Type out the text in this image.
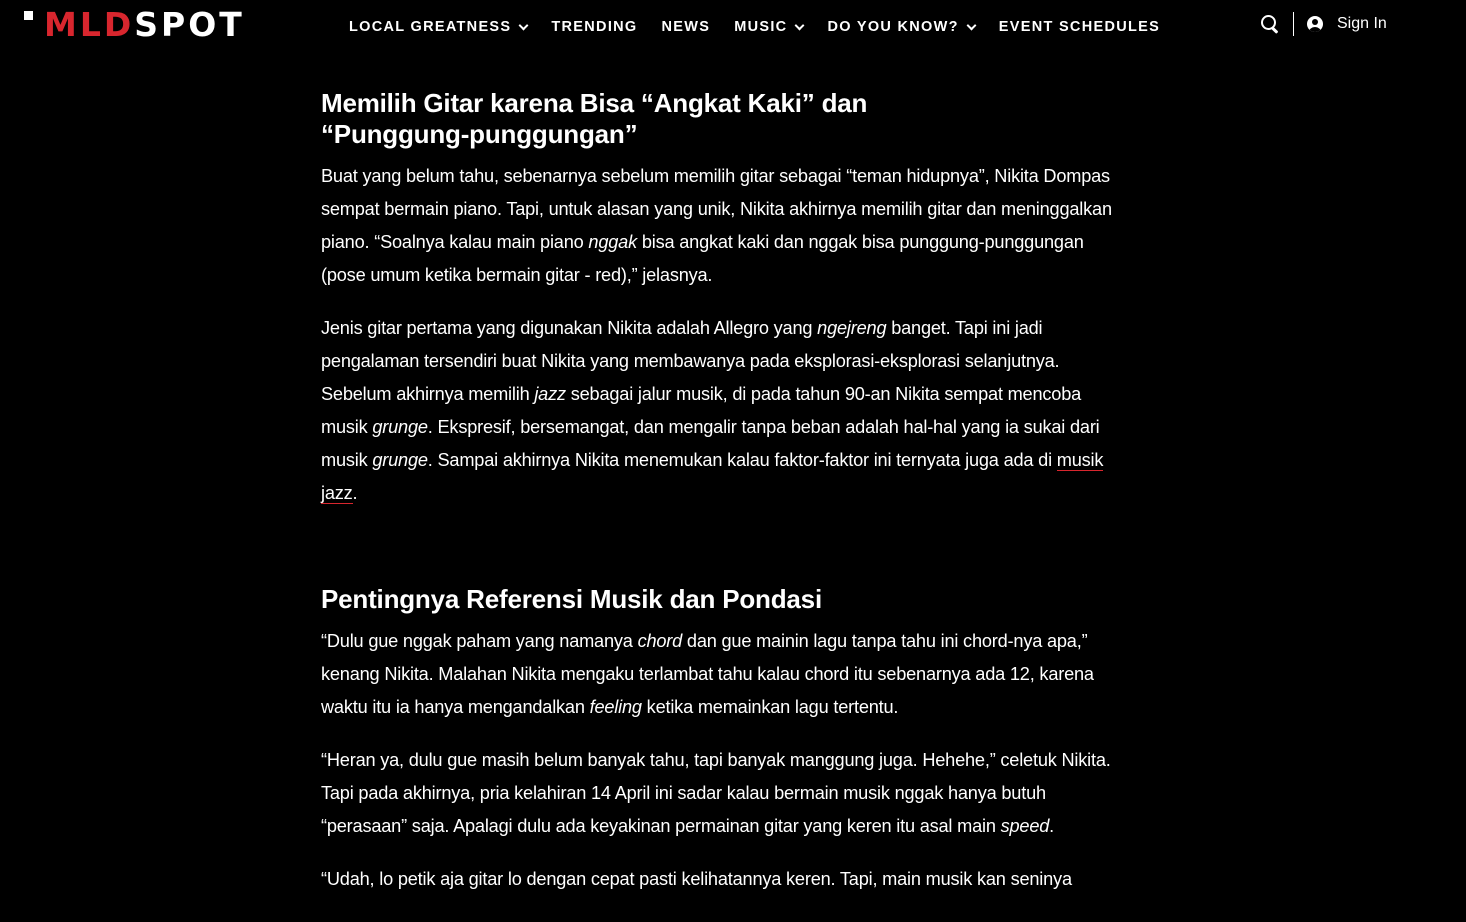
MLDSPOT	LOCAL GREATNESS	TRENDING NEWS MUSIC	DO YOU KNOW?	EVENT SCHEDULES	Sign In
Memilih Gitar karena Bisa “Angkat Kaki” dan “Punggung-punggungan”

Buat yang belum tahu, sebenarnya sebelum memilih gitar sebagai “teman hidupnya”, Nikita Dompas sempat bermain piano. Tapi, untuk alasan yang unik, Nikita akhirnya memilih gitar dan meninggalkan piano. “Soalnya kalau main piano nggak bisa angkat kaki dan nggak bisa punggung-punggungan (pose umum ketika bermain gitar - red),” jelasnya.

Jenis gitar pertama yang digunakan Nikita adalah Allegro yang ngejreng banget. Tapi ini jadi pengalaman tersendiri buat Nikita yang membawanya pada eksplorasi-eksplorasi selanjutnya. Sebelum akhirnya memilih jazz sebagai jalur musik, di pada tahun 90-an Nikita sempat mencoba musik grunge. Ekspresif, bersemangat, dan mengalir tanpa beban adalah hal-hal yang ia sukai dari musik grunge. Sampai akhirnya Nikita menemukan kalau faktor-faktor ini ternyata juga ada di musik jazz.

Pentingnya Referensi Musik dan Pondasi

“Dulu gue nggak paham yang namanya chord dan gue mainin lagu tanpa tahu ini chord-nya apa,” kenang Nikita. Malahan Nikita mengaku terlambat tahu kalau chord itu sebenarnya ada 12, karena waktu itu ia hanya mengandalkan feeling ketika memainkan lagu tertentu.

“Heran ya, dulu gue masih belum banyak tahu, tapi banyak manggung juga. Hehehe,” celetuk Nikita. Tapi pada akhirnya, pria kelahiran 14 April ini sadar kalau bermain musik nggak hanya butuh “perasaan” saja. Apalagi dulu ada keyakinan permainan gitar yang keren itu asal main speed.

“Udah, lo petik aja gitar lo dengan cepat pasti kelihatannya keren. Tapi, main musik kan seninya
